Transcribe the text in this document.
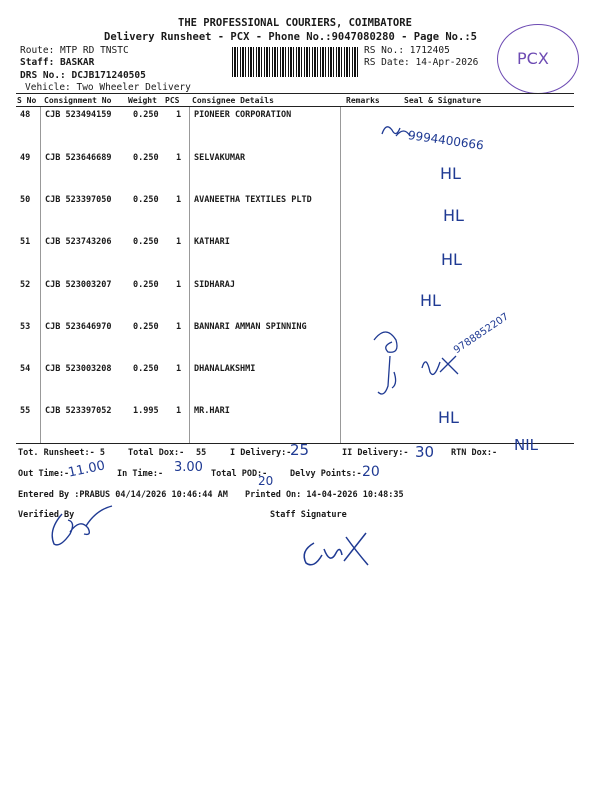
THE PROFESSIONAL COURIERS, COIMBATORE
Delivery Runsheet - PCX - Phone No.:9047080280 - Page No.:5
Route: MTP RD TNSTC
Staff: BASKAR
DRS No.: DCJB171240505
Vehicle: Two Wheeler Delivery
RS No.: 1712405
RS Date: 14-Apr-2026 PCX
S No Consignment No Weight PCS Consignee Details	Remarks	Seal & Signature
48 CJB 523494159	0.250 1 PIONEER CORPORATION
49 CJB 523646689	0.250 1 SELVAKUMAR
50 CJB 523397050	0.250 1 AVANEETHA TEXTILES PLTD
51 CJB 523743206	0.250 1 KATHARI
52 CJB 523003207	0.250 1 SIDHARAJ
53 CJB 523646970	0.250 1 BANNARI AMMAN SPINNING
54 CJB 523003208	0.250 1 DHANALAKSHMI
55 CJB 523397052	1.995 1 MR.HARI
9994400666
HL
HL
HL
HL
9788852207
HL
Tot. Runsheet:- 5	Total Dox:- 55	I Delivery:-
25	II Delivery:- 30 RTN Dox:- NIL
Out Time:-
11.00 In Time:- 3.00 Total POD:-
20 Delvy Points:- 20
Entered By :PRABUS 04/14/2026 10:46:44 AM Printed On: 14-04-2026 10:48:35
Verified By	Staff Signature
